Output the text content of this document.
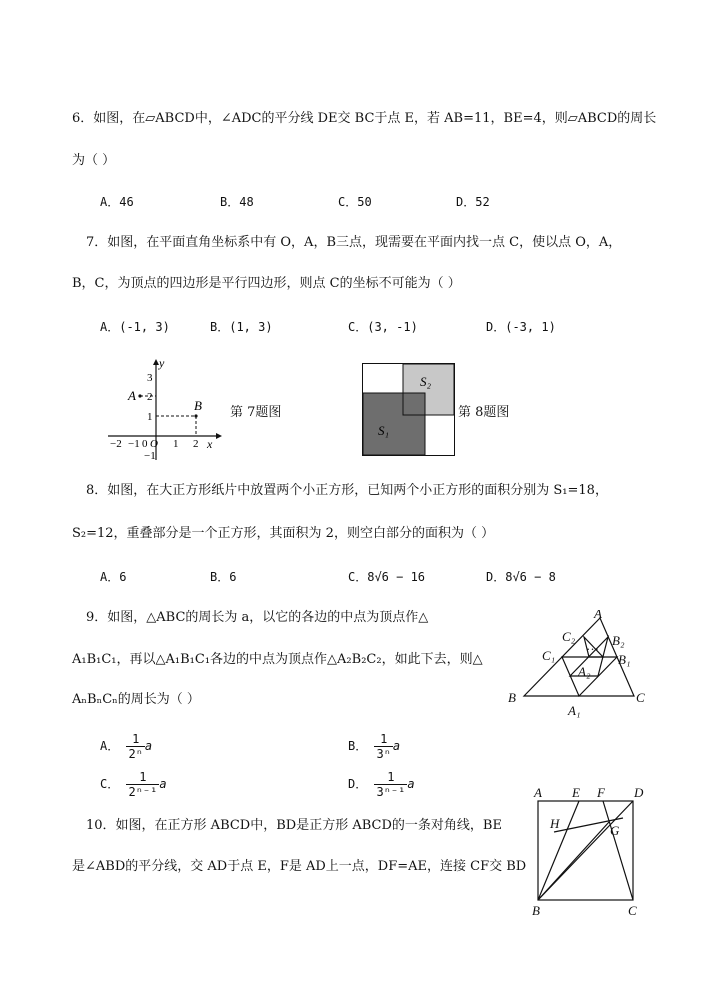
6．如图，在▱ABCD中，∠ADC的平分线 DE交 BC于点 E，若 AB=11，BE=4，则▱ABCD的周长
为（ ）
A．46	B．48	C．50	D．52
7．如图，在平面直角坐标系中有 O，A，B三点，现需要在平面内找一点 C，使以点 O，A，
B，C，为顶点的四边形是平行四边形，则点 C的坐标不可能为（ ）
A．(-1, 3)	B．(1, 3)	C．(3, -1)	D．(-3, 1)
y
x
A
B
3
2
1
−1
−2 −1 0 O 1 2
第 7题图
S₁
S₂
第 8题图
8．如图，在大正方形纸片中放置两个小正方形，已知两个小正方形的面积分别为 S₁=18，
S₂=12，重叠部分是一个正方形，其面积为 2，则空白部分的面积为（ ）
A．6	B．6	C．8√6 − 16	D．8√6 − 8
9．如图，△ABC的周长为 a，以它的各边的中点为顶点作△
A₁B₁C₁，再以△A₁B₁C₁各边的中点为顶点作△A₂B₂C₂，如此下去，则△
AₙBₙCₙ的周长为（ ）
A． $\frac{1}{\text{2ⁿ}}$ a	B． $\frac{1}{\text{3ⁿ}}$ a
C． $\frac{1}{\text{2ⁿ⁻¹}}$ a	D． $\frac{1}{\text{3ⁿ⁻¹}}$ a
A
B	C
A₁
B₁
C₁
A₂
B₂
C₂
…
10．如图，在正方形 ABCD中，BD是正方形 ABCD的一条对角线，BE
是∠ABD的平分线，交 AD于点 E，F是 AD上一点，DF=AE，连接 CF交 BD
A E F D
H	G
B	C
